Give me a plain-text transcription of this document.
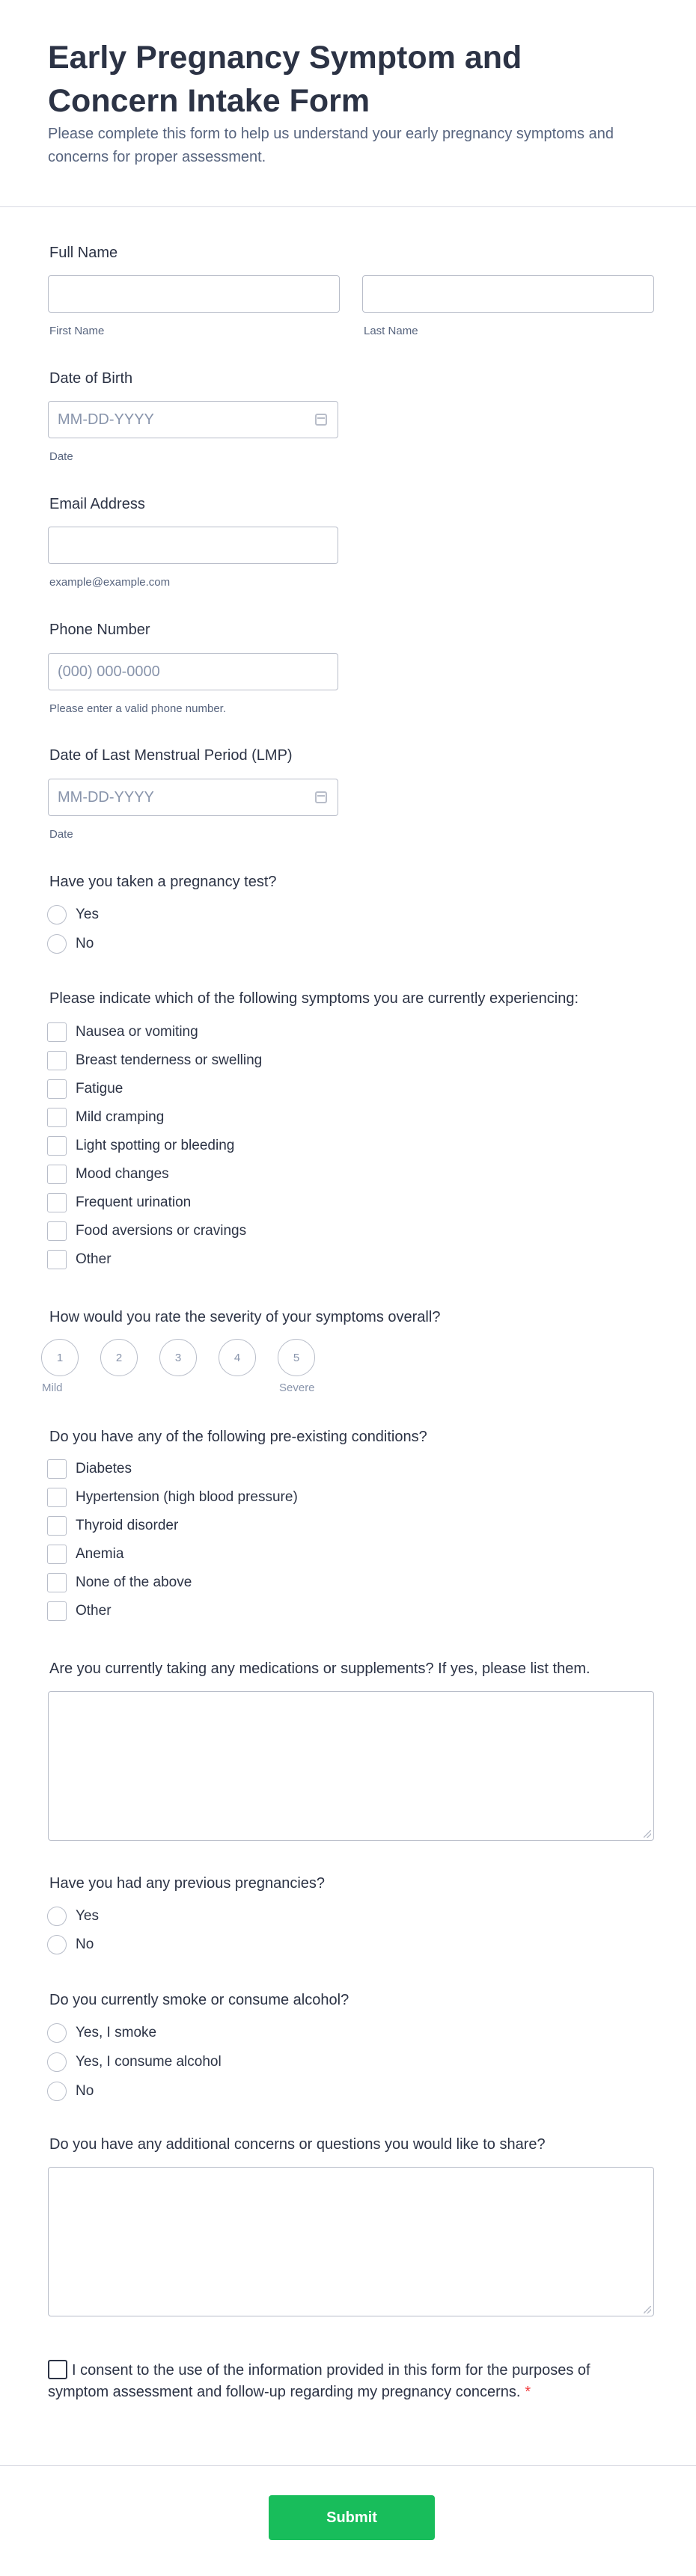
Early Pregnancy Symptom and Concern Intake Form
Please complete this form to help us understand your early pregnancy symptoms and concerns for proper assessment.
Full Name
First Name	Last Name
Date of Birth
MM-DD-YYYY
Date
Email Address
example@example.com
Phone Number
(000) 000-0000
Please enter a valid phone number.
Date of Last Menstrual Period (LMP)
MM-DD-YYYY
Date
Have you taken a pregnancy test?
Yes
No
Please indicate which of the following symptoms you are currently experiencing:
Nausea or vomiting
Breast tenderness or swelling
Fatigue
Mild cramping
Light spotting or bleeding
Mood changes
Frequent urination
Food aversions or cravings
Other
How would you rate the severity of your symptoms overall?
1	2	3	4	5
Mild	Severe
Do you have any of the following pre-existing conditions?
Diabetes
Hypertension (high blood pressure)
Thyroid disorder
Anemia
None of the above
Other
Are you currently taking any medications or supplements? If yes, please list them.
Have you had any previous pregnancies?
Yes
No
Do you currently smoke or consume alcohol?
Yes, I smoke
Yes, I consume alcohol
No
Do you have any additional concerns or questions you would like to share?
I consent to the use of the information provided in this form for the purposes of symptom assessment and follow-up regarding my pregnancy concerns. *
Submit
